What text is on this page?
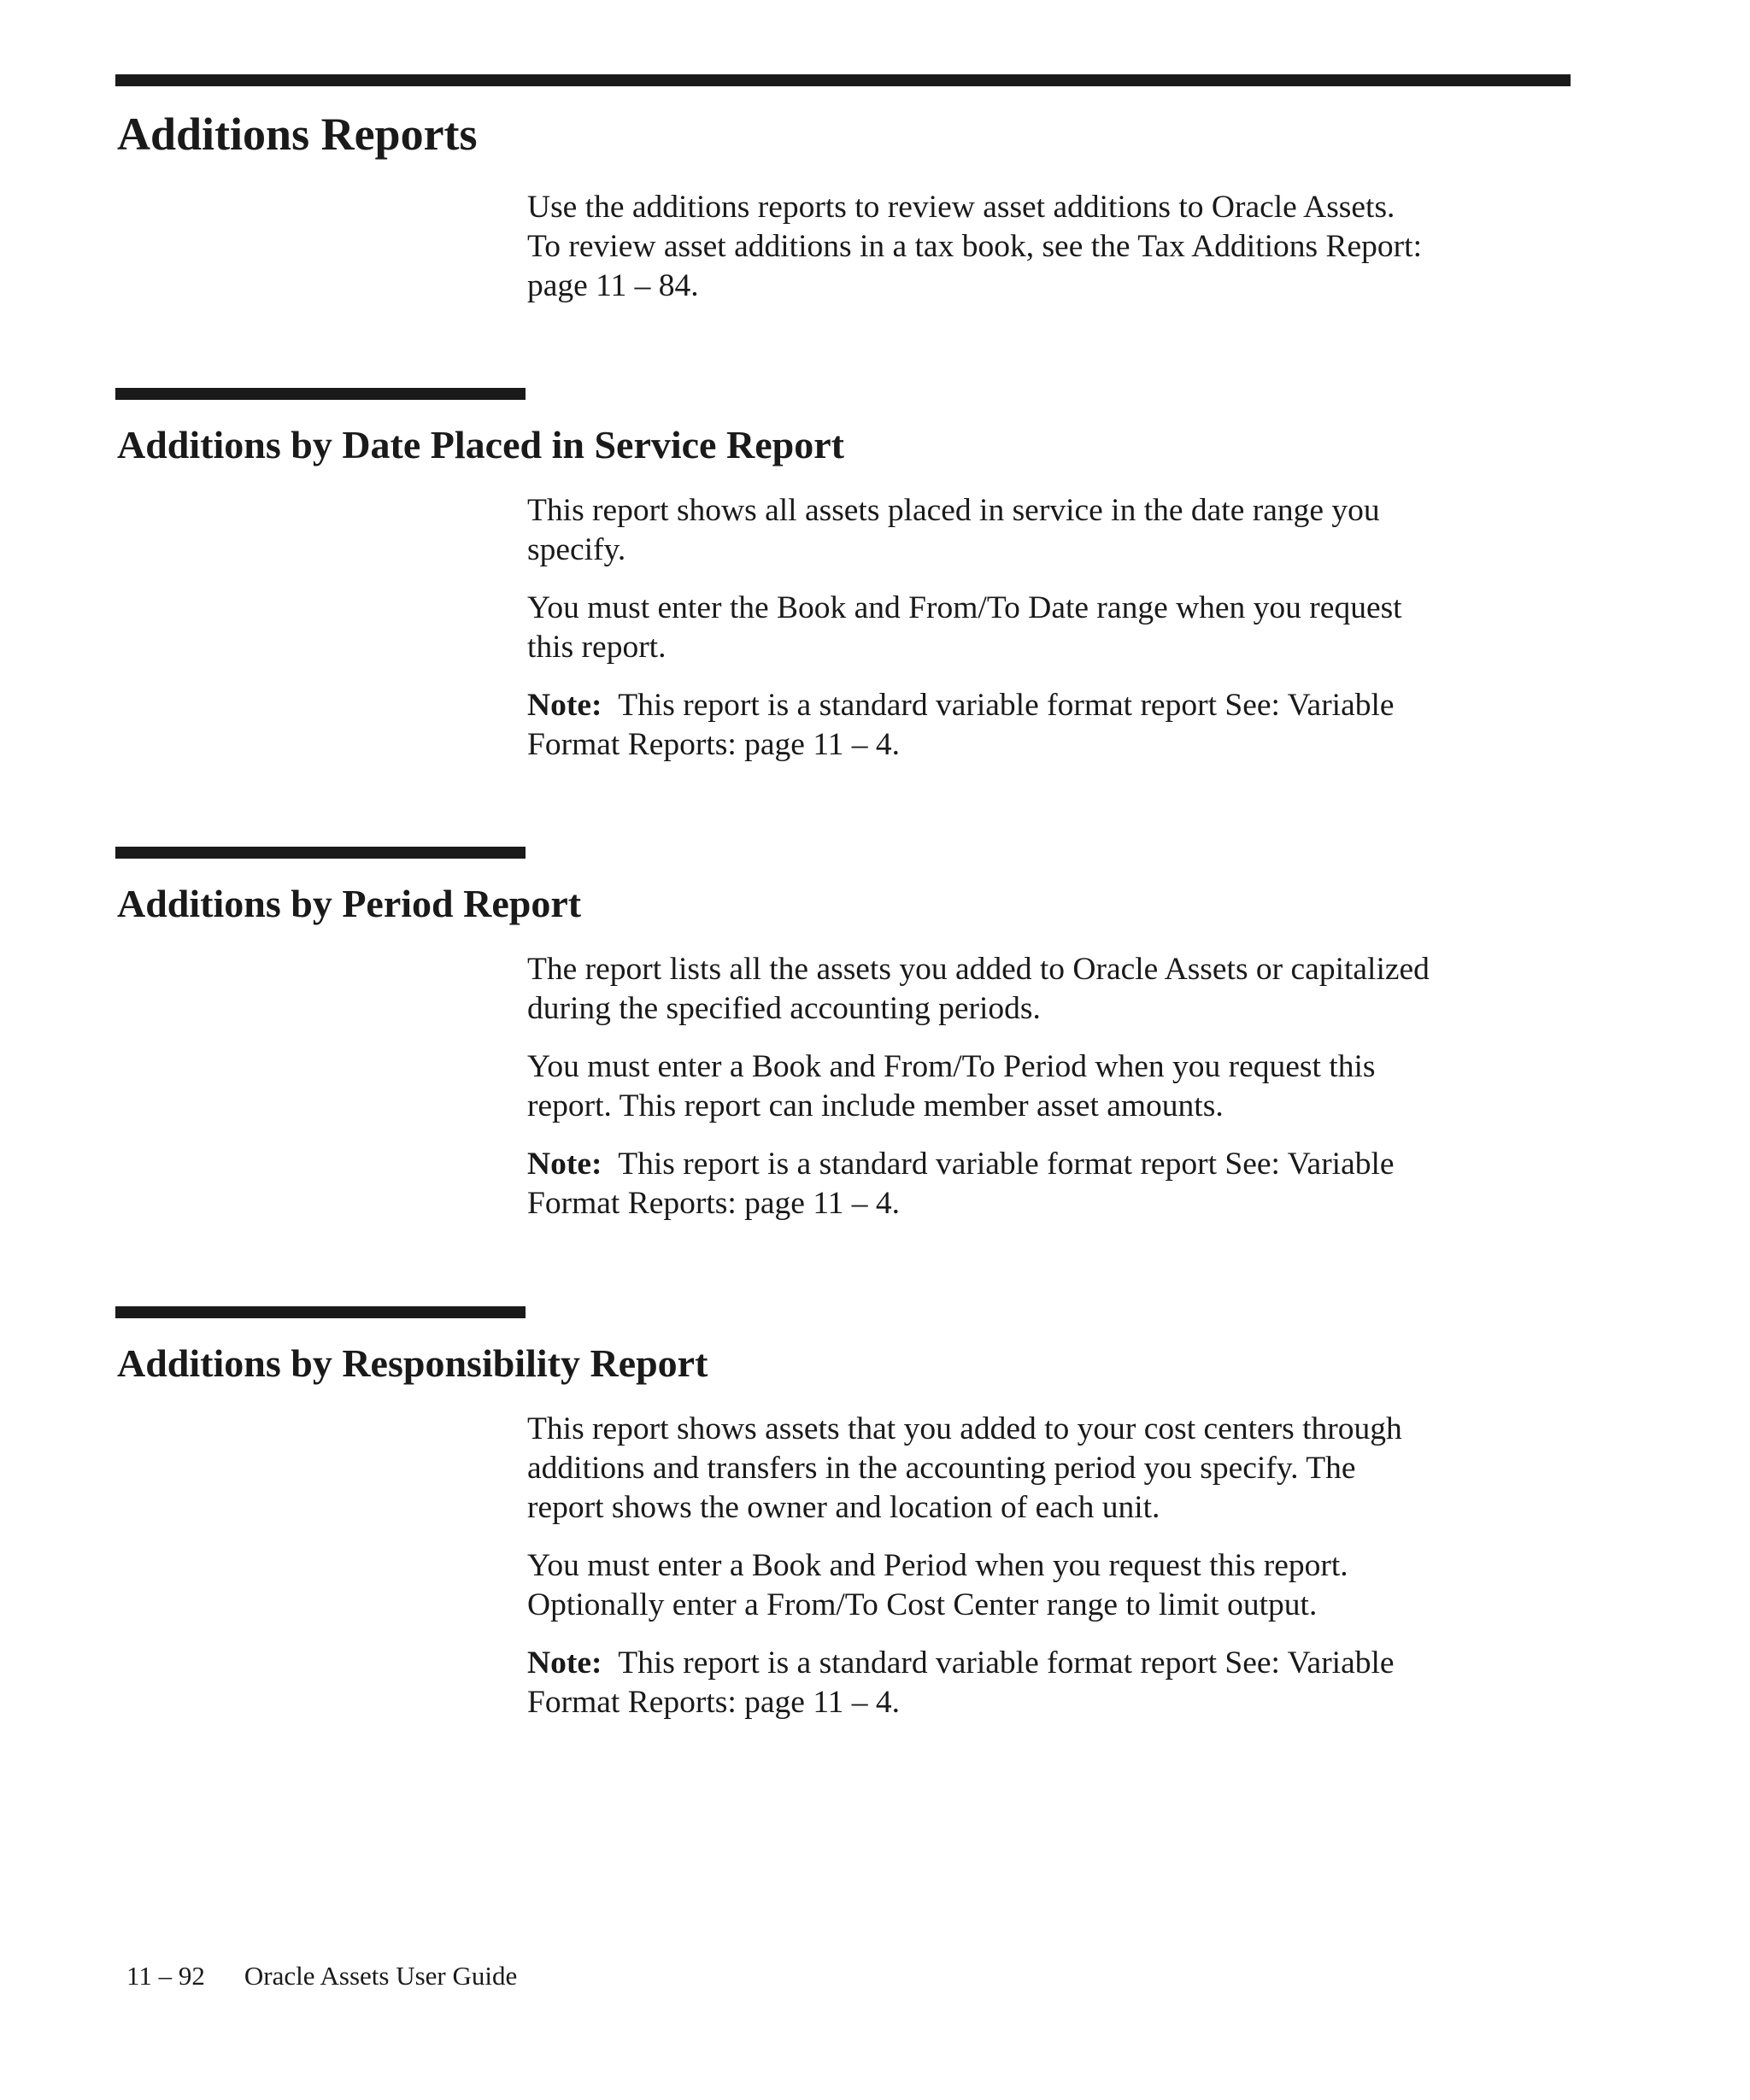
Additions Reports

Use the additions reports to review asset additions to Oracle Assets.
To review asset additions in a tax book, see the Tax Additions Report:
page 11 – 84.

Additions by Date Placed in Service Report

This report shows all assets placed in service in the date range you
specify.

You must enter the Book and From/To Date range when you request
this report.

Note: This report is a standard variable format report See: Variable
Format Reports: page 11 – 4.

Additions by Period Report

The report lists all the assets you added to Oracle Assets or capitalized
during the specified accounting periods.

You must enter a Book and From/To Period when you request this
report. This report can include member asset amounts.

Note: This report is a standard variable format report See: Variable
Format Reports: page 11 – 4.

Additions by Responsibility Report

This report shows assets that you added to your cost centers through
additions and transfers in the accounting period you specify. The
report shows the owner and location of each unit.

You must enter a Book and Period when you request this report.
Optionally enter a From/To Cost Center range to limit output.

Note: This report is a standard variable format report See: Variable
Format Reports: page 11 – 4.

11 – 92 Oracle Assets User Guide
